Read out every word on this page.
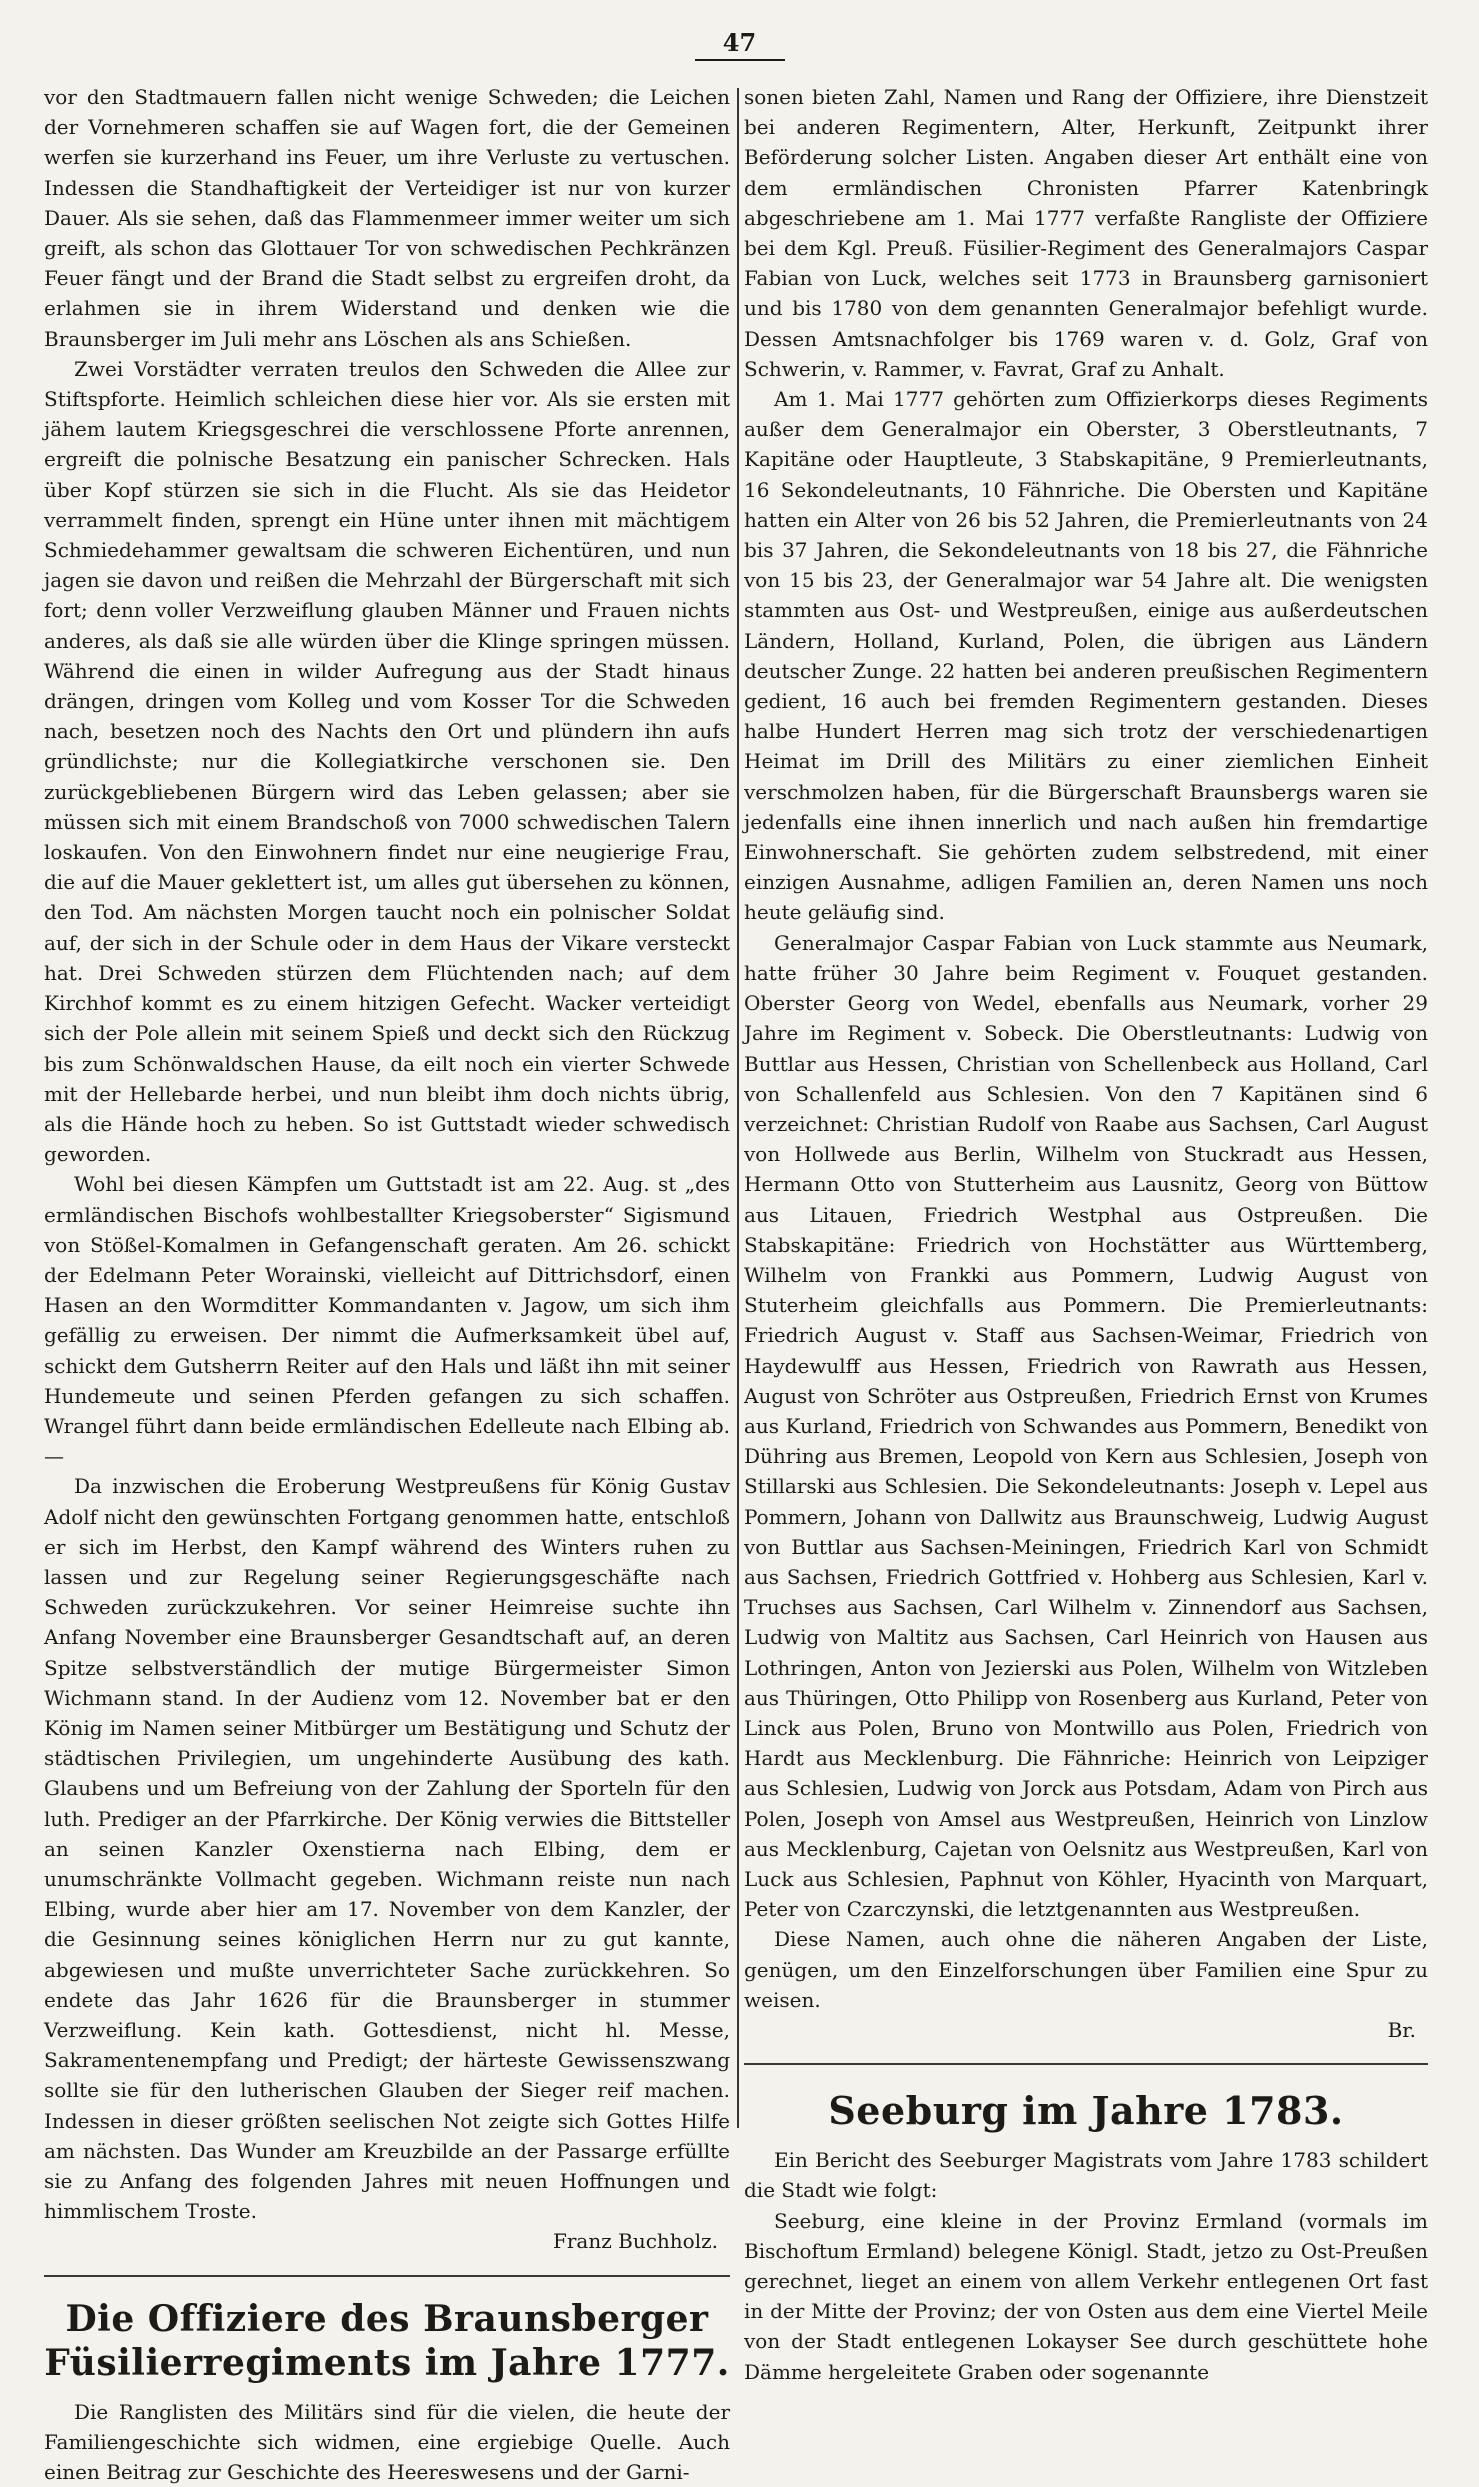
47

vor den Stadtmauern fallen nicht wenige Schweden; die Leichen der Vornehmeren schaffen sie auf Wagen fort, die der Gemeinen werfen sie kurzerhand ins Feuer, um ihre Verluste zu vertuschen. Indessen die Standhaftigkeit der Verteidiger ist nur von kurzer Dauer. Als sie sehen, daß das Flammenmeer immer weiter um sich greift, als schon das Glottauer Tor von schwedischen Pechkränzen Feuer fängt und der Brand die Stadt selbst zu ergreifen droht, da erlahmen sie in ihrem Widerstand und denken wie die Braunsberger im Juli mehr ans Löschen als ans Schießen.

Zwei Vorstädter verraten treulos den Schweden die Allee zur Stiftspforte. Heimlich schleichen diese hier vor. Als sie ersten mit jähem lautem Kriegsgeschrei die verschlossene Pforte anrennen, ergreift die polnische Besatzung ein panischer Schrecken. Hals über Kopf stürzen sie sich in die Flucht. Als sie das Heidetor verrammelt finden, sprengt ein Hüne unter ihnen mit mächtigem Schmiedehammer gewaltsam die schweren Eichentüren, und nun jagen sie davon und reißen die Mehrzahl der Bürgerschaft mit sich fort; denn voller Verzweiflung glauben Männer und Frauen nichts anderes, als daß sie alle würden über die Klinge springen müssen. Während die einen in wilder Aufregung aus der Stadt hinaus drängen, dringen vom Kolleg und vom Kosser Tor die Schweden nach, besetzen noch des Nachts den Ort und plündern ihn aufs gründlichste; nur die Kollegiatkirche verschonen sie. Den zurückgebliebenen Bürgern wird das Leben gelassen; aber sie müssen sich mit einem Brandschoß von 7000 schwedischen Talern loskaufen. Von den Einwohnern findet nur eine neugierige Frau, die auf die Mauer geklettert ist, um alles gut übersehen zu können, den Tod. Am nächsten Morgen taucht noch ein polnischer Soldat auf, der sich in der Schule oder in dem Haus der Vikare versteckt hat. Drei Schweden stürzen dem Flüchtenden nach; auf dem Kirchhof kommt es zu einem hitzigen Gefecht. Wacker verteidigt sich der Pole allein mit seinem Spieß und deckt sich den Rückzug bis zum Schönwaldschen Hause, da eilt noch ein vierter Schwede mit der Hellebarde herbei, und nun bleibt ihm doch nichts übrig, als die Hände hoch zu heben. So ist Guttstadt wieder schwedisch geworden.

Wohl bei diesen Kämpfen um Guttstadt ist am 22. Aug. st „des ermländischen Bischofs wohlbestallter Kriegsoberster“ Sigismund von Stößel-Komalmen in Gefangenschaft geraten. Am 26. schickt der Edelmann Peter Worainski, vielleicht auf Dittrichsdorf, einen Hasen an den Wormditter Kommandanten v. Jagow, um sich ihm gefällig zu erweisen. Der nimmt die Aufmerksamkeit übel auf, schickt dem Gutsherrn Reiter auf den Hals und läßt ihn mit seiner Hundemeute und seinen Pferden gefangen zu sich schaffen. Wrangel führt dann beide ermländischen Edelleute nach Elbing ab. —

Da inzwischen die Eroberung Westpreußens für König Gustav Adolf nicht den gewünschten Fortgang genommen hatte, entschloß er sich im Herbst, den Kampf während des Winters ruhen zu lassen und zur Regelung seiner Regierungsgeschäfte nach Schweden zurückzukehren. Vor seiner Heimreise suchte ihn Anfang November eine Braunsberger Gesandtschaft auf, an deren Spitze selbstverständlich der mutige Bürgermeister Simon Wichmann stand. In der Audienz vom 12. November bat er den König im Namen seiner Mitbürger um Bestätigung und Schutz der städtischen Privilegien, um ungehinderte Ausübung des kath. Glaubens und um Befreiung von der Zahlung der Sporteln für den luth. Prediger an der Pfarrkirche. Der König verwies die Bittsteller an seinen Kanzler Oxenstierna nach Elbing, dem er unumschränkte Vollmacht gegeben. Wichmann reiste nun nach Elbing, wurde aber hier am 17. November von dem Kanzler, der die Gesinnung seines königlichen Herrn nur zu gut kannte, abgewiesen und mußte unverrichteter Sache zurückkehren. So endete das Jahr 1626 für die Braunsberger in stummer Verzweiflung. Kein kath. Gottesdienst, nicht hl. Messe, Sakramentenempfang und Predigt; der härteste Gewissenszwang sollte sie für den lutherischen Glauben der Sieger reif machen. Indessen in dieser größten seelischen Not zeigte sich Gottes Hilfe am nächsten. Das Wunder am Kreuzbilde an der Passarge erfüllte sie zu Anfang des folgenden Jahres mit neuen Hoffnungen und himmlischem Troste.

Franz Buchholz.

Die Offiziere des Braunsberger Füsilierregiments im Jahre 1777.

Die Ranglisten des Militärs sind für die vielen, die heute der Familiengeschichte sich widmen, eine ergiebige Quelle. Auch einen Beitrag zur Geschichte des Heereswesens und der Garni-

sonen bieten Zahl, Namen und Rang der Offiziere, ihre Dienstzeit bei anderen Regimentern, Alter, Herkunft, Zeitpunkt ihrer Beförderung solcher Listen. Angaben dieser Art enthält eine von dem ermländischen Chronisten Pfarrer Katenbringk abgeschriebene am 1. Mai 1777 verfaßte Rangliste der Offiziere bei dem Kgl. Preuß. Füsilier-Regiment des Generalmajors Caspar Fabian von Luck, welches seit 1773 in Braunsberg garnisoniert und bis 1780 von dem genannten Generalmajor befehligt wurde. Dessen Amtsnachfolger bis 1769 waren v. d. Golz, Graf von Schwerin, v. Rammer, v. Favrat, Graf zu Anhalt.

Am 1. Mai 1777 gehörten zum Offizierkorps dieses Regiments außer dem Generalmajor ein Oberster, 3 Oberstleutnants, 7 Kapitäne oder Hauptleute, 3 Stabskapitäne, 9 Premierleutnants, 16 Sekondeleutnants, 10 Fähnriche. Die Obersten und Kapitäne hatten ein Alter von 26 bis 52 Jahren, die Premierleutnants von 24 bis 37 Jahren, die Sekondeleutnants von 18 bis 27, die Fähnriche von 15 bis 23, der Generalmajor war 54 Jahre alt. Die wenigsten stammten aus Ost- und Westpreußen, einige aus außerdeutschen Ländern, Holland, Kurland, Polen, die übrigen aus Ländern deutscher Zunge. 22 hatten bei anderen preußischen Regimentern gedient, 16 auch bei fremden Regimentern gestanden. Dieses halbe Hundert Herren mag sich trotz der verschiedenartigen Heimat im Drill des Militärs zu einer ziemlichen Einheit verschmolzen haben, für die Bürgerschaft Braunsbergs waren sie jedenfalls eine ihnen innerlich und nach außen hin fremdartige Einwohnerschaft. Sie gehörten zudem selbstredend, mit einer einzigen Ausnahme, adligen Familien an, deren Namen uns noch heute geläufig sind.

Generalmajor Caspar Fabian von Luck stammte aus Neumark, hatte früher 30 Jahre beim Regiment v. Fouquet gestanden. Oberster Georg von Wedel, ebenfalls aus Neumark, vorher 29 Jahre im Regiment v. Sobeck. Die Oberstleutnants: Ludwig von Buttlar aus Hessen, Christian von Schellenbeck aus Holland, Carl von Schallenfeld aus Schlesien. Von den 7 Kapitänen sind 6 verzeichnet: Christian Rudolf von Raabe aus Sachsen, Carl August von Hollwede aus Berlin, Wilhelm von Stuckradt aus Hessen, Hermann Otto von Stutterheim aus Lausnitz, Georg von Büttow aus Litauen, Friedrich Westphal aus Ostpreußen. Die Stabskapitäne: Friedrich von Hochstätter aus Württemberg, Wilhelm von Frankki aus Pommern, Ludwig August von Stuterheim gleichfalls aus Pommern. Die Premierleutnants: Friedrich August v. Staff aus Sachsen-Weimar, Friedrich von Haydewulff aus Hessen, Friedrich von Rawrath aus Hessen, August von Schröter aus Ostpreußen, Friedrich Ernst von Krumes aus Kurland, Friedrich von Schwandes aus Pommern, Benedikt von Dühring aus Bremen, Leopold von Kern aus Schlesien, Joseph von Stillarski aus Schlesien. Die Sekondeleutnants: Joseph v. Lepel aus Pommern, Johann von Dallwitz aus Braunschweig, Ludwig August von Buttlar aus Sachsen-Meiningen, Friedrich Karl von Schmidt aus Sachsen, Friedrich Gottfried v. Hohberg aus Schlesien, Karl v. Truchses aus Sachsen, Carl Wilhelm v. Zinnendorf aus Sachsen, Ludwig von Maltitz aus Sachsen, Carl Heinrich von Hausen aus Lothringen, Anton von Jezierski aus Polen, Wilhelm von Witzleben aus Thüringen, Otto Philipp von Rosenberg aus Kurland, Peter von Linck aus Polen, Bruno von Montwillo aus Polen, Friedrich von Hardt aus Mecklenburg. Die Fähnriche: Heinrich von Leipziger aus Schlesien, Ludwig von Jorck aus Potsdam, Adam von Pirch aus Polen, Joseph von Amsel aus Westpreußen, Heinrich von Linzlow aus Mecklenburg, Cajetan von Oelsnitz aus Westpreußen, Karl von Luck aus Schlesien, Paphnut von Köhler, Hyacinth von Marquart, Peter von Czarczynski, die letztgenannten aus Westpreußen.

Diese Namen, auch ohne die näheren Angaben der Liste, genügen, um den Einzelforschungen über Familien eine Spur zu weisen.

Br.

Seeburg im Jahre 1783.

Ein Bericht des Seeburger Magistrats vom Jahre 1783 schildert die Stadt wie folgt:

Seeburg, eine kleine in der Provinz Ermland (vormals im Bischoftum Ermland) belegene Königl. Stadt, jetzo zu Ost-Preußen gerechnet, lieget an einem von allem Verkehr entlegenen Ort fast in der Mitte der Provinz; der von Osten aus dem eine Viertel Meile von der Stadt entlegenen Lokayser See durch geschüttete hohe Dämme hergeleitete Graben oder sogenannte
